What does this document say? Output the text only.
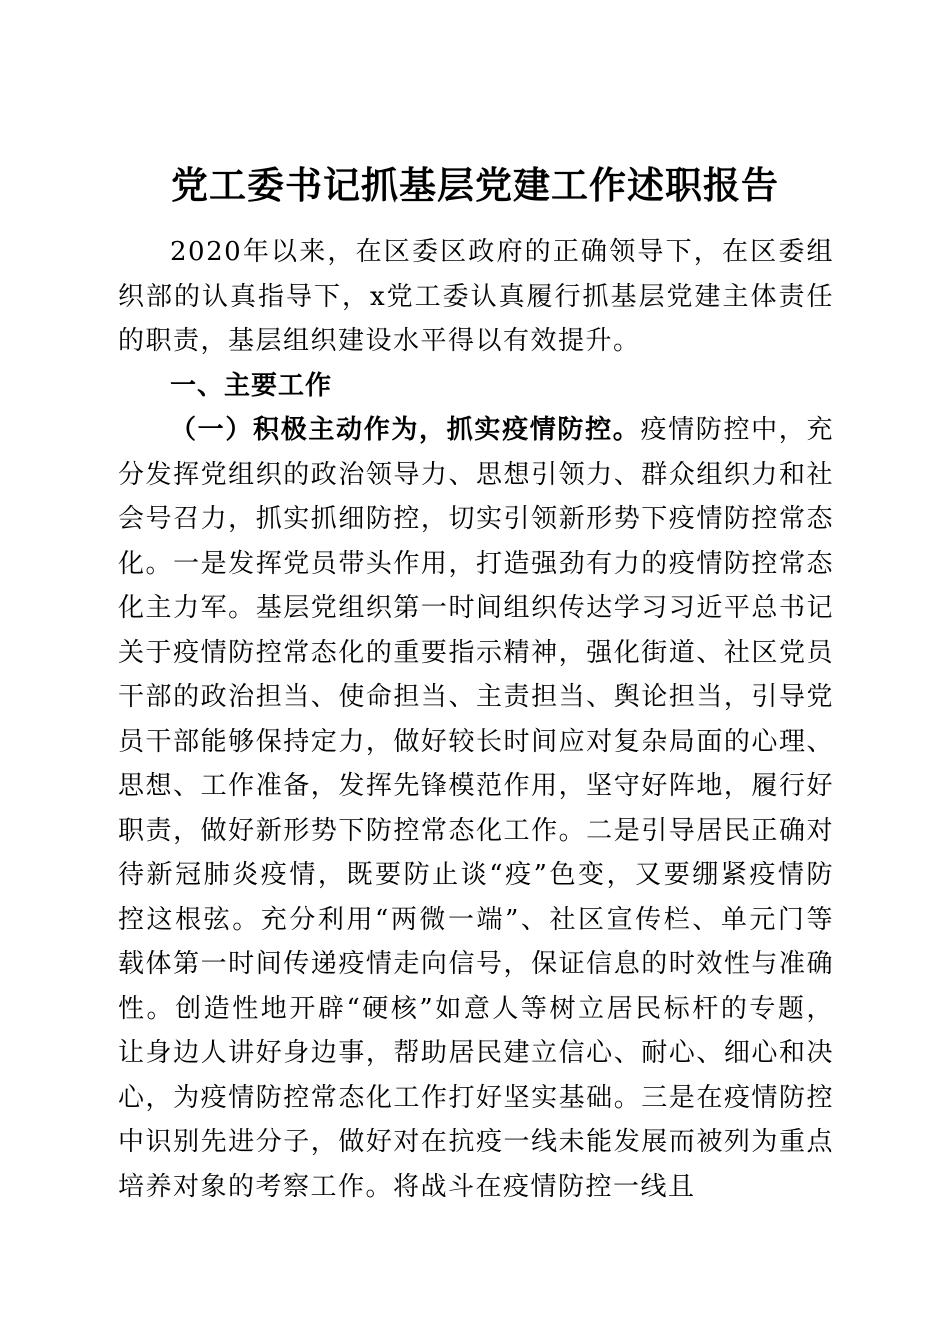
党工委书记抓基层党建工作述职报告

2020年以来，在区委区政府的正确领导下，在区委组织部的认真指导下，x党工委认真履行抓基层党建主体责任的职责，基层组织建设水平得以有效提升。

一、主要工作

（一）积极主动作为，抓实疫情防控。疫情防控中，充分发挥党组织的政治领导力、思想引领力、群众组织力和社会号召力，抓实抓细防控，切实引领新形势下疫情防控常态化。一是发挥党员带头作用，打造强劲有力的疫情防控常态化主力军。基层党组织第一时间组织传达学习习近平总书记关于疫情防控常态化的重要指示精神，强化街道、社区党员干部的政治担当、使命担当、主责担当、舆论担当，引导党员干部能够保持定力，做好较长时间应对复杂局面的心理、思想、工作准备，发挥先锋模范作用，坚守好阵地，履行好职责，做好新形势下防控常态化工作。二是引导居民正确对待新冠肺炎疫情，既要防止谈“疫”色变，又要绷紧疫情防控这根弦。充分利用“两微一端”、社区宣传栏、单元门等载体第一时间传递疫情走向信号，保证信息的时效性与准确性。创造性地开辟“硬核”如意人等树立居民标杆的专题，让身边人讲好身边事，帮助居民建立信心、耐心、细心和决心，为疫情防控常态化工作打好坚实基础。三是在疫情防控中识别先进分子，做好对在抗疫一线未能发展而被列为重点培养对象的考察工作。将战斗在疫情防控一线且
